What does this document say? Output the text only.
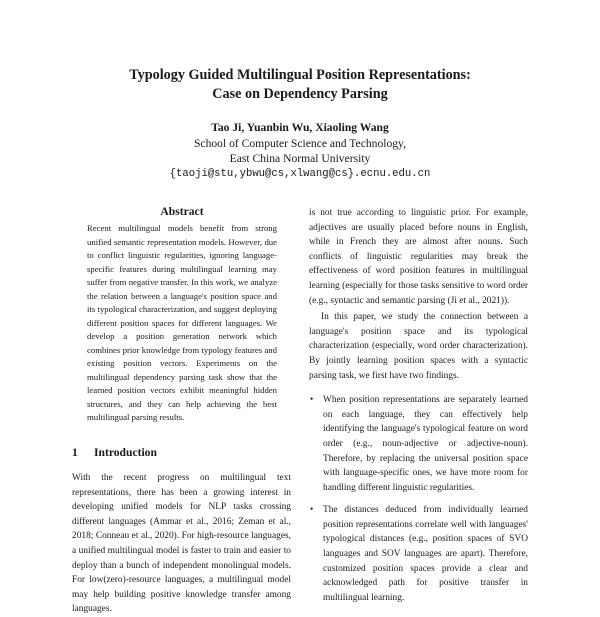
Typology Guided Multilingual Position Representations:
Case on Dependency Parsing
Tao Ji, Yuanbin Wu, Xiaoling Wang
School of Computer Science and Technology,
East China Normal University
{taoji@stu,ybwu@cs,xlwang@cs}.ecnu.edu.cn
Abstract
Recent multilingual models benefit from strong unified semantic representation models. However, due to conflict linguistic regularities, ignoring language-specific features during multilingual learning may suffer from negative transfer. In this work, we analyze the relation between a language's position space and its typological characterization, and suggest deploying different position spaces for different languages. We develop a position generation network which combines prior knowledge from typology features and existing position vectors. Experiments on the multilingual dependency parsing task show that the learned position vectors exhibit meaningful hidden structures, and they can help achieving the best multilingual parsing results.
1 Introduction
With the recent progress on multilingual text representations, there has been a growing interest in developing unified models for NLP tasks crossing different languages (Ammar et al., 2016; Zeman et al., 2018; Conneau et al., 2020). For high-resource languages, a unified multilingual model is faster to train and easier to deploy than a bunch of independent monolingual models. For low(zero)-resource languages, a multilingual model may help building positive knowledge transfer among languages.

is not true according to linguistic prior. For example, adjectives are usually placed before nouns in English, while in French they are almost after nouns. Such conflicts of linguistic regularities may break the effectiveness of word position features in multilingual learning (especially for those tasks sensitive to word order (e.g., syntactic and semantic parsing (Ji et al., 2021)).

In this paper, we study the connection between a language's position space and its typological characterization (especially, word order characterization). By jointly learning position spaces with a syntactic parsing task, we first have two findings.

• When position representations are separately learned on each language, they can effectively help identifying the language's typological feature on word order (e.g., noun-adjective or adjective-noun). Therefore, by replacing the universal position space with language-specific ones, we have more room for handling different linguistic regularities.
• The distances deduced from individually learned position representations correlate well with languages' typological distances (e.g., position spaces of SVO languages and SOV languages are apart). Therefore, customized position spaces provide a clear and acknowledged path for positive transfer in multilingual learning.
